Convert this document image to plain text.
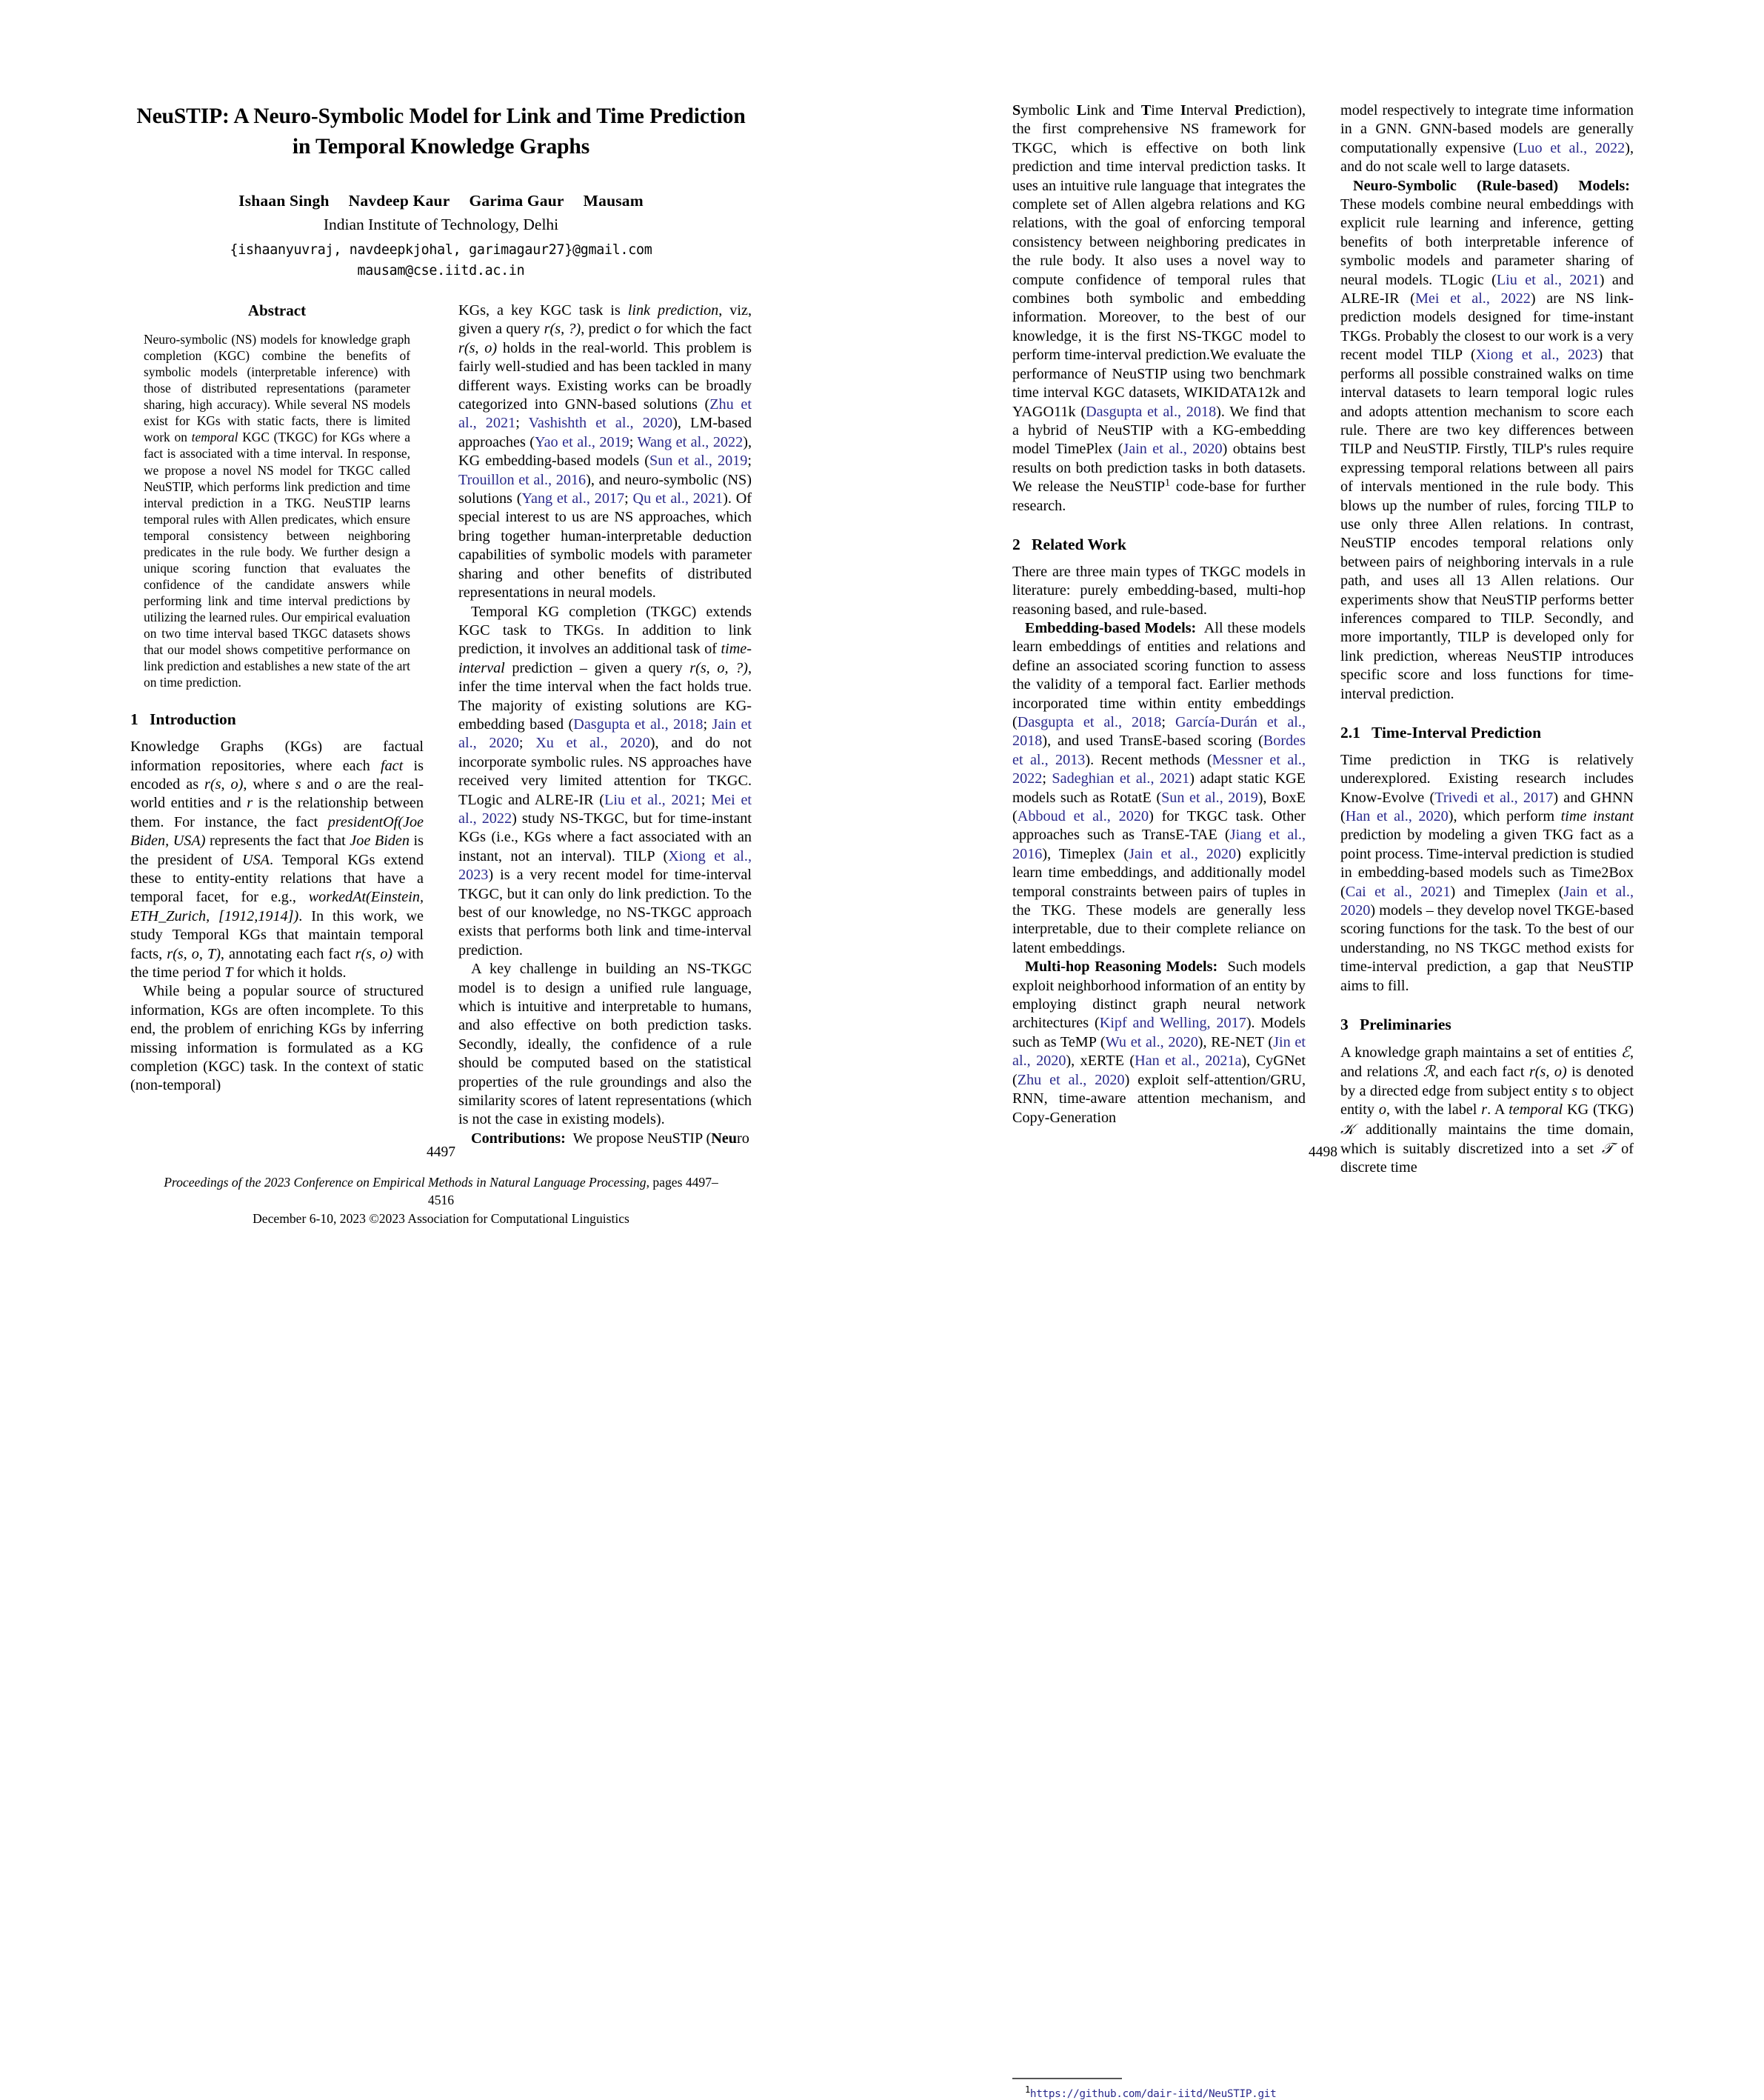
NeuSTIP: A Neuro-Symbolic Model for Link and Time Prediction
in Temporal Knowledge Graphs
Ishaan Singh Navdeep Kaur Garima Gaur Mausam
Indian Institute of Technology, Delhi
{ishaanyuvraj, navdeepkjohal, garimagaur27}@gmail.com
mausam@cse.iitd.ac.in
Abstract

Neuro-symbolic (NS) models for knowledge graph completion (KGC) combine the benefits of symbolic models (interpretable inference) with those of distributed representations (parameter sharing, high accuracy). While several NS models exist for KGs with static facts, there is limited work on temporal KGC (TKGC) for KGs where a fact is associated with a time interval. In response, we propose a novel NS model for TKGC called NeuSTIP, which performs link prediction and time interval prediction in a TKG. NeuSTIP learns temporal rules with Allen predicates, which ensure temporal consistency between neighboring predicates in the rule body. We further design a unique scoring function that evaluates the confidence of the candidate answers while performing link and time interval predictions by utilizing the learned rules. Our empirical evaluation on two time interval based TKGC datasets shows that our model shows competitive performance on link prediction and establishes a new state of the art on time prediction.

1 Introduction

Knowledge Graphs (KGs) are factual information repositories, where each fact is encoded as r(s, o), where s and o are the real-world entities and r is the relationship between them. For instance, the fact presidentOf(Joe Biden, USA) represents the fact that Joe Biden is the president of USA. Temporal KGs extend these to entity-entity relations that have a temporal facet, for e.g., workedAt(Einstein, ETH_Zurich, [1912,1914]). In this work, we study Temporal KGs that maintain temporal facts, r(s, o, T), annotating each fact r(s, o) with the time period T for which it holds.

While being a popular source of structured information, KGs are often incomplete. To this end, the problem of enriching KGs by inferring missing information is formulated as a KG completion (KGC) task. In the context of static (non-temporal)

KGs, a key KGC task is link prediction, viz, given a query r(s, ?), predict o for which the fact r(s, o) holds in the real-world. This problem is fairly well-studied and has been tackled in many different ways. Existing works can be broadly categorized into GNN-based solutions (Zhu et al., 2021; Vashishth et al., 2020), LM-based approaches (Yao et al., 2019; Wang et al., 2022), KG embedding-based models (Sun et al., 2019; Trouillon et al., 2016), and neuro-symbolic (NS) solutions (Yang et al., 2017; Qu et al., 2021). Of special interest to us are NS approaches, which bring together human-interpretable deduction capabilities of symbolic models with parameter sharing and other benefits of distributed representations in neural models.

Temporal KG completion (TKGC) extends KGC task to TKGs. In addition to link prediction, it involves an additional task of time-interval prediction – given a query r(s, o, ?), infer the time interval when the fact holds true. The majority of existing solutions are KG-embedding based (Dasgupta et al., 2018; Jain et al., 2020; Xu et al., 2020), and do not incorporate symbolic rules. NS approaches have received very limited attention for TKGC. TLogic and ALRE-IR (Liu et al., 2021; Mei et al., 2022) study NS-TKGC, but for time-instant KGs (i.e., KGs where a fact associated with an instant, not an interval). TILP (Xiong et al., 2023) is a very recent model for time-interval TKGC, but it can only do link prediction. To the best of our knowledge, no NS-TKGC approach exists that performs both link and time-interval prediction.

A key challenge in building an NS-TKGC model is to design a unified rule language, which is intuitive and interpretable to humans, and also effective on both prediction tasks. Secondly, ideally, the confidence of a rule should be computed based on the statistical properties of the rule groundings and also the similarity scores of latent representations (which is not the case in existing models).

Contributions:  We propose NeuSTIP (Neuro

4497
Proceedings of the 2023 Conference on Empirical Methods in Natural Language Processing, pages 4497–4516
December 6-10, 2023 ©2023 Association for Computational Linguistics

Symbolic Link and Time Interval Prediction), the first comprehensive NS framework for TKGC, which is effective on both link prediction and time interval prediction tasks. It uses an intuitive rule language that integrates the complete set of Allen algebra relations and KG relations, with the goal of enforcing temporal consistency between neighboring predicates in the rule body. It also uses a novel way to compute confidence of temporal rules that combines both symbolic and embedding information. Moreover, to the best of our knowledge, it is the first NS-TKGC model to perform time-interval prediction.We evaluate the performance of NeuSTIP using two benchmark time interval KGC datasets, WIKIDATA12k and YAGO11k (Dasgupta et al., 2018). We find that a hybrid of NeuSTIP with a KG-embedding model TimePlex (Jain et al., 2020) obtains best results on both prediction tasks in both datasets. We release the NeuSTIP$^1$ code-base for further research.

2 Related Work

There are three main types of TKGC models in literature: purely embedding-based, multi-hop reasoning based, and rule-based.

Embedding-based Models:  All these models learn embeddings of entities and relations and define an associated scoring function to assess the validity of a temporal fact. Earlier methods incorporated time within entity embeddings (Dasgupta et al., 2018; García-Durán et al., 2018), and used TransE-based scoring (Bordes et al., 2013). Recent methods (Messner et al., 2022; Sadeghian et al., 2021) adapt static KGE models such as RotatE (Sun et al., 2019), BoxE (Abboud et al., 2020) for TKGC task. Other approaches such as TransE-TAE (Jiang et al., 2016), Timeplex (Jain et al., 2020) explicitly learn time embeddings, and additionally model temporal constraints between pairs of tuples in the TKG. These models are generally less interpretable, due to their complete reliance on latent embeddings.

Multi-hop Reasoning Models:  Such models exploit neighborhood information of an entity by employing distinct graph neural network architectures (Kipf and Welling, 2017). Models such as TeMP (Wu et al., 2020), RE-NET (Jin et al., 2020), xERTE (Han et al., 2021a), CyGNet (Zhu et al., 2020) exploit self-attention/GRU, RNN, time-aware attention mechanism, and Copy-Generation

$^1$https://github.com/dair-iitd/NeuSTIP.git

model respectively to integrate time information in a GNN. GNN-based models are generally computationally expensive (Luo et al., 2022), and do not scale well to large datasets.

Neuro-Symbolic (Rule-based) Models:  These models combine neural embeddings with explicit rule learning and inference, getting benefits of both interpretable inference of symbolic models and parameter sharing of neural models. TLogic (Liu et al., 2021) and ALRE-IR (Mei et al., 2022) are NS link-prediction models designed for time-instant TKGs. Probably the closest to our work is a very recent model TILP (Xiong et al., 2023) that performs all possible constrained walks on time interval datasets to learn temporal logic rules and adopts attention mechanism to score each rule. There are two key differences between TILP and NeuSTIP. Firstly, TILP's rules require expressing temporal relations between all pairs of intervals mentioned in the rule body. This blows up the number of rules, forcing TILP to use only three Allen relations. In contrast, NeuSTIP encodes temporal relations only between pairs of neighboring intervals in a rule path, and uses all 13 Allen relations. Our experiments show that NeuSTIP performs better inferences compared to TILP. Secondly, and more importantly, TILP is developed only for link prediction, whereas NeuSTIP introduces specific score and loss functions for time-interval prediction.

2.1 Time-Interval Prediction

Time prediction in TKG is relatively underexplored. Existing research includes Know-Evolve (Trivedi et al., 2017) and GHNN (Han et al., 2020), which perform time instant prediction by modeling a given TKG fact as a point process. Time-interval prediction is studied in embedding-based models such as Time2Box (Cai et al., 2021) and Timeplex (Jain et al., 2020) models – they develop novel TKGE-based scoring functions for the task. To the best of our understanding, no NS TKGC method exists for time-interval prediction, a gap that NeuSTIP aims to fill.

3 Preliminaries

A knowledge graph maintains a set of entities ℰ, and relations ℛ, and each fact r(s, o) is denoted by a directed edge from subject entity s to object entity o, with the label r. A temporal KG (TKG) 𝒦 additionally maintains the time domain, which is suitably discretized into a set 𝒯 of discrete time

4498
